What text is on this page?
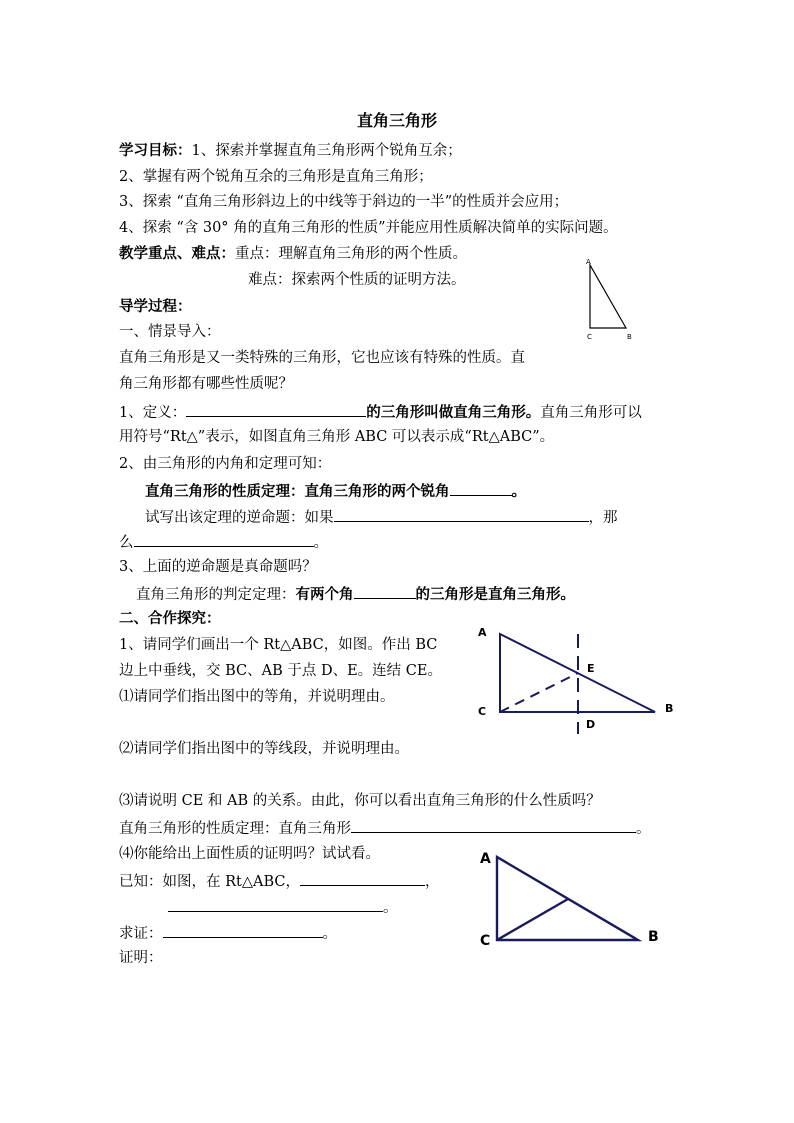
直角三角形
学习目标：1、探索并掌握直角三角形两个锐角互余；
2、掌握有两个锐角互余的三角形是直角三角形；
3、探索 “直角三角形斜边上的中线等于斜边的一半”的性质并会应用；
4、探索 “含 30° 角的直角三角形的性质”并能应用性质解决简单的实际问题。
教学重点、难点：重点：理解直角三角形的两个性质。
难点：探索两个性质的证明方法。
导学过程：
一、情景导入：
直角三角形是又一类特殊的三角形，它也应该有特殊的性质。直
角三角形都有哪些性质呢？
1、定义：	的三角形叫做直角三角形。直角三角形可以
用符号“Rt△”表示，如图直角三角形 ABC 可以表示成“Rt△ABC”。
2、由三角形的内角和定理可知：
直角三角形的性质定理：直角三角形的两个锐角	。
试写出该定理的逆命题：如果	，那
么	。
3、上面的逆命题是真命题吗？
直角三角形的判定定理：有两个角	的三角形是直角三角形。
二、合作探究：
1、请同学们画出一个 Rt△ABC，如图。作出 BC
边上中垂线，交 BC、AB 于点 D、E。连结 CE。
⑴请同学们指出图中的等角，并说明理由。
⑵请同学们指出图中的等线段，并说明理由。
⑶请说明 CE 和 AB 的关系。由此，你可以看出直角三角形的什么性质吗？
直角三角形的性质定理：直角三角形	。
⑷你能给出上面性质的证明吗？试试看。
已知：如图，在 Rt△ABC，	，
。
求证：	。
证明：
A
C	B
A
E
C
D
B
A
C	B
